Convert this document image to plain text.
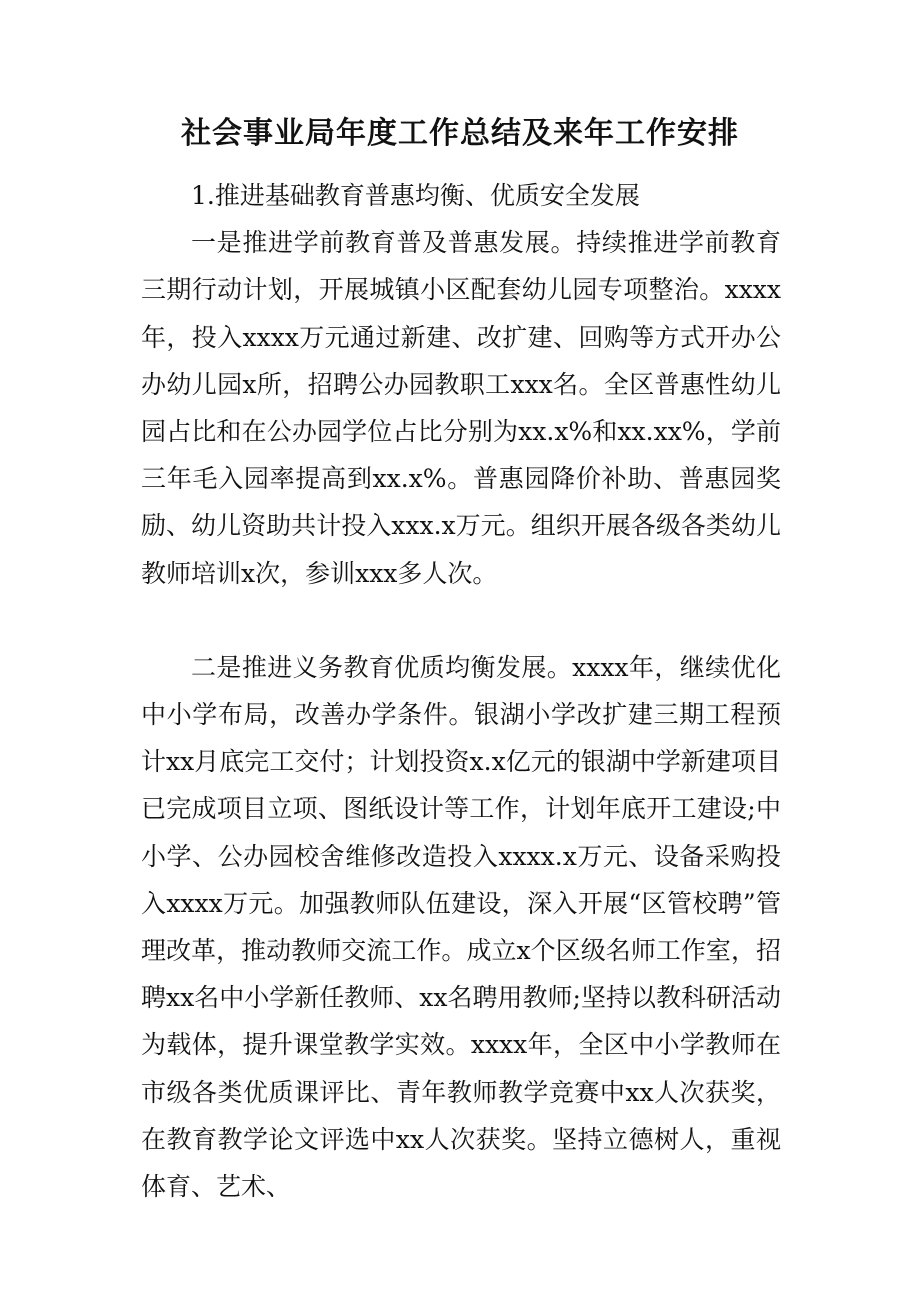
社会事业局年度工作总结及来年工作安排

1.推进基础教育普惠均衡、优质安全发展

一是推进学前教育普及普惠发展。持续推进学前教育三期行动计划，开展城镇小区配套幼儿园专项整治。xxxx年，投入xxxx万元通过新建、改扩建、回购等方式开办公办幼儿园x所，招聘公办园教职工xxx名。全区普惠性幼儿园占比和在公办园学位占比分别为xx.x%和xx.xx%，学前三年毛入园率提高到xx.x%。普惠园降价补助、普惠园奖励、幼儿资助共计投入xxx.x万元。组织开展各级各类幼儿教师培训x次，参训xxx多人次。

二是推进义务教育优质均衡发展。xxxx年，继续优化中小学布局，改善办学条件。银湖小学改扩建三期工程预计xx月底完工交付；计划投资x.x亿元的银湖中学新建项目已完成项目立项、图纸设计等工作，计划年底开工建设;中小学、公办园校舍维修改造投入xxxx.x万元、设备采购投入xxxx万元。加强教师队伍建设，深入开展“区管校聘”管理改革，推动教师交流工作。成立x个区级名师工作室，招聘xx名中小学新任教师、xx名聘用教师;坚持以教科研活动为载体，提升课堂教学实效。xxxx年，全区中小学教师在市级各类优质课评比、青年教师教学竞赛中xx人次获奖，在教育教学论文评选中xx人次获奖。坚持立德树人，重视体育、艺术、
